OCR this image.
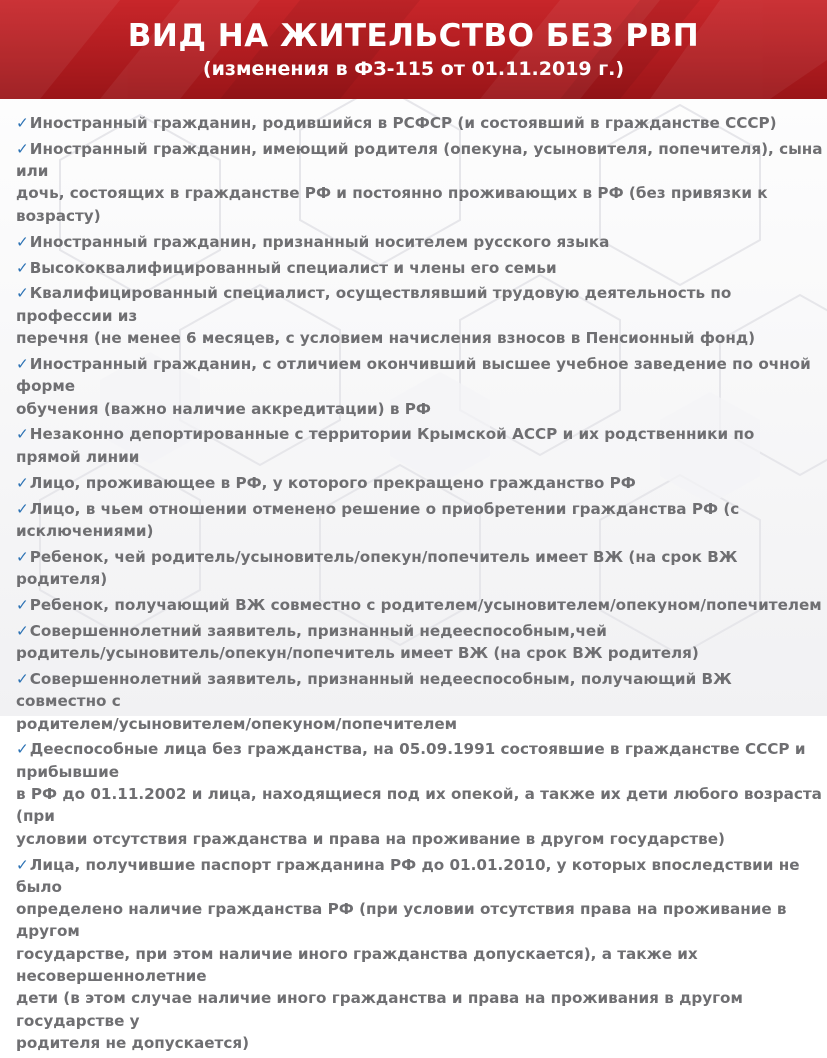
ВИД НА ЖИТЕЛЬСТВО БЕЗ РВП
(изменения в ФЗ-115 от 01.11.2019 г.)
✓Иностранный гражданин, родившийся в РСФСР (и состоявший в гражданстве СССР)
✓Иностранный гражданин, имеющий родителя (опекуна, усыновителя, попечителя), сына или
дочь, состоящих в гражданстве РФ и постоянно проживающих в РФ (без привязки к возрасту)
✓Иностранный гражданин, признанный носителем русского языка
✓Высококвалифицированный специалист и члены его семьи
✓Квалифицированный специалист, осуществлявший трудовую деятельность по профессии из
перечня (не менее 6 месяцев, с условием начисления взносов в Пенсионный фонд)
✓Иностранный гражданин, с отличием окончивший высшее учебное заведение по очной форме
обучения (важно наличие аккредитации) в РФ
✓Незаконно депортированные с территории Крымской АССР и их родственники по прямой линии
✓Лицо, проживающее в РФ, у которого прекращено гражданство РФ
✓Лицо, в чьем отношении отменено решение о приобретении гражданства РФ (с исключениями)
✓Ребенок, чей родитель/усыновитель/опекун/попечитель имеет ВЖ (на срок ВЖ родителя)
✓Ребенок, получающий ВЖ совместно с родителем/усыновителем/опекуном/попечителем
✓Совершеннолетний заявитель, признанный недееспособным,чей
родитель/усыновитель/опекун/попечитель имеет ВЖ (на срок ВЖ родителя)
✓Совершеннолетний заявитель, признанный недееспособным, получающий ВЖ совместно с
родителем/усыновителем/опекуном/попечителем
✓Дееспособные лица без гражданства, на 05.09.1991 состоявшие в гражданстве СССР и прибывшие
в РФ до 01.11.2002 и лица, находящиеся под их опекой, а также их дети любого возраста (при
условии отсутствия гражданства и права на проживание в другом государстве)
✓Лица, получившие паспорт гражданина РФ до 01.01.2010, у которых впоследствии не было
определено наличие гражданства РФ (при условии отсутствия права на проживание в другом
государстве, при этом наличие иного гражданства допускается), а также их несовершеннолетние
дети (в этом случае наличие иного гражданства и права на проживания в другом государстве у
родителя не допускается)
